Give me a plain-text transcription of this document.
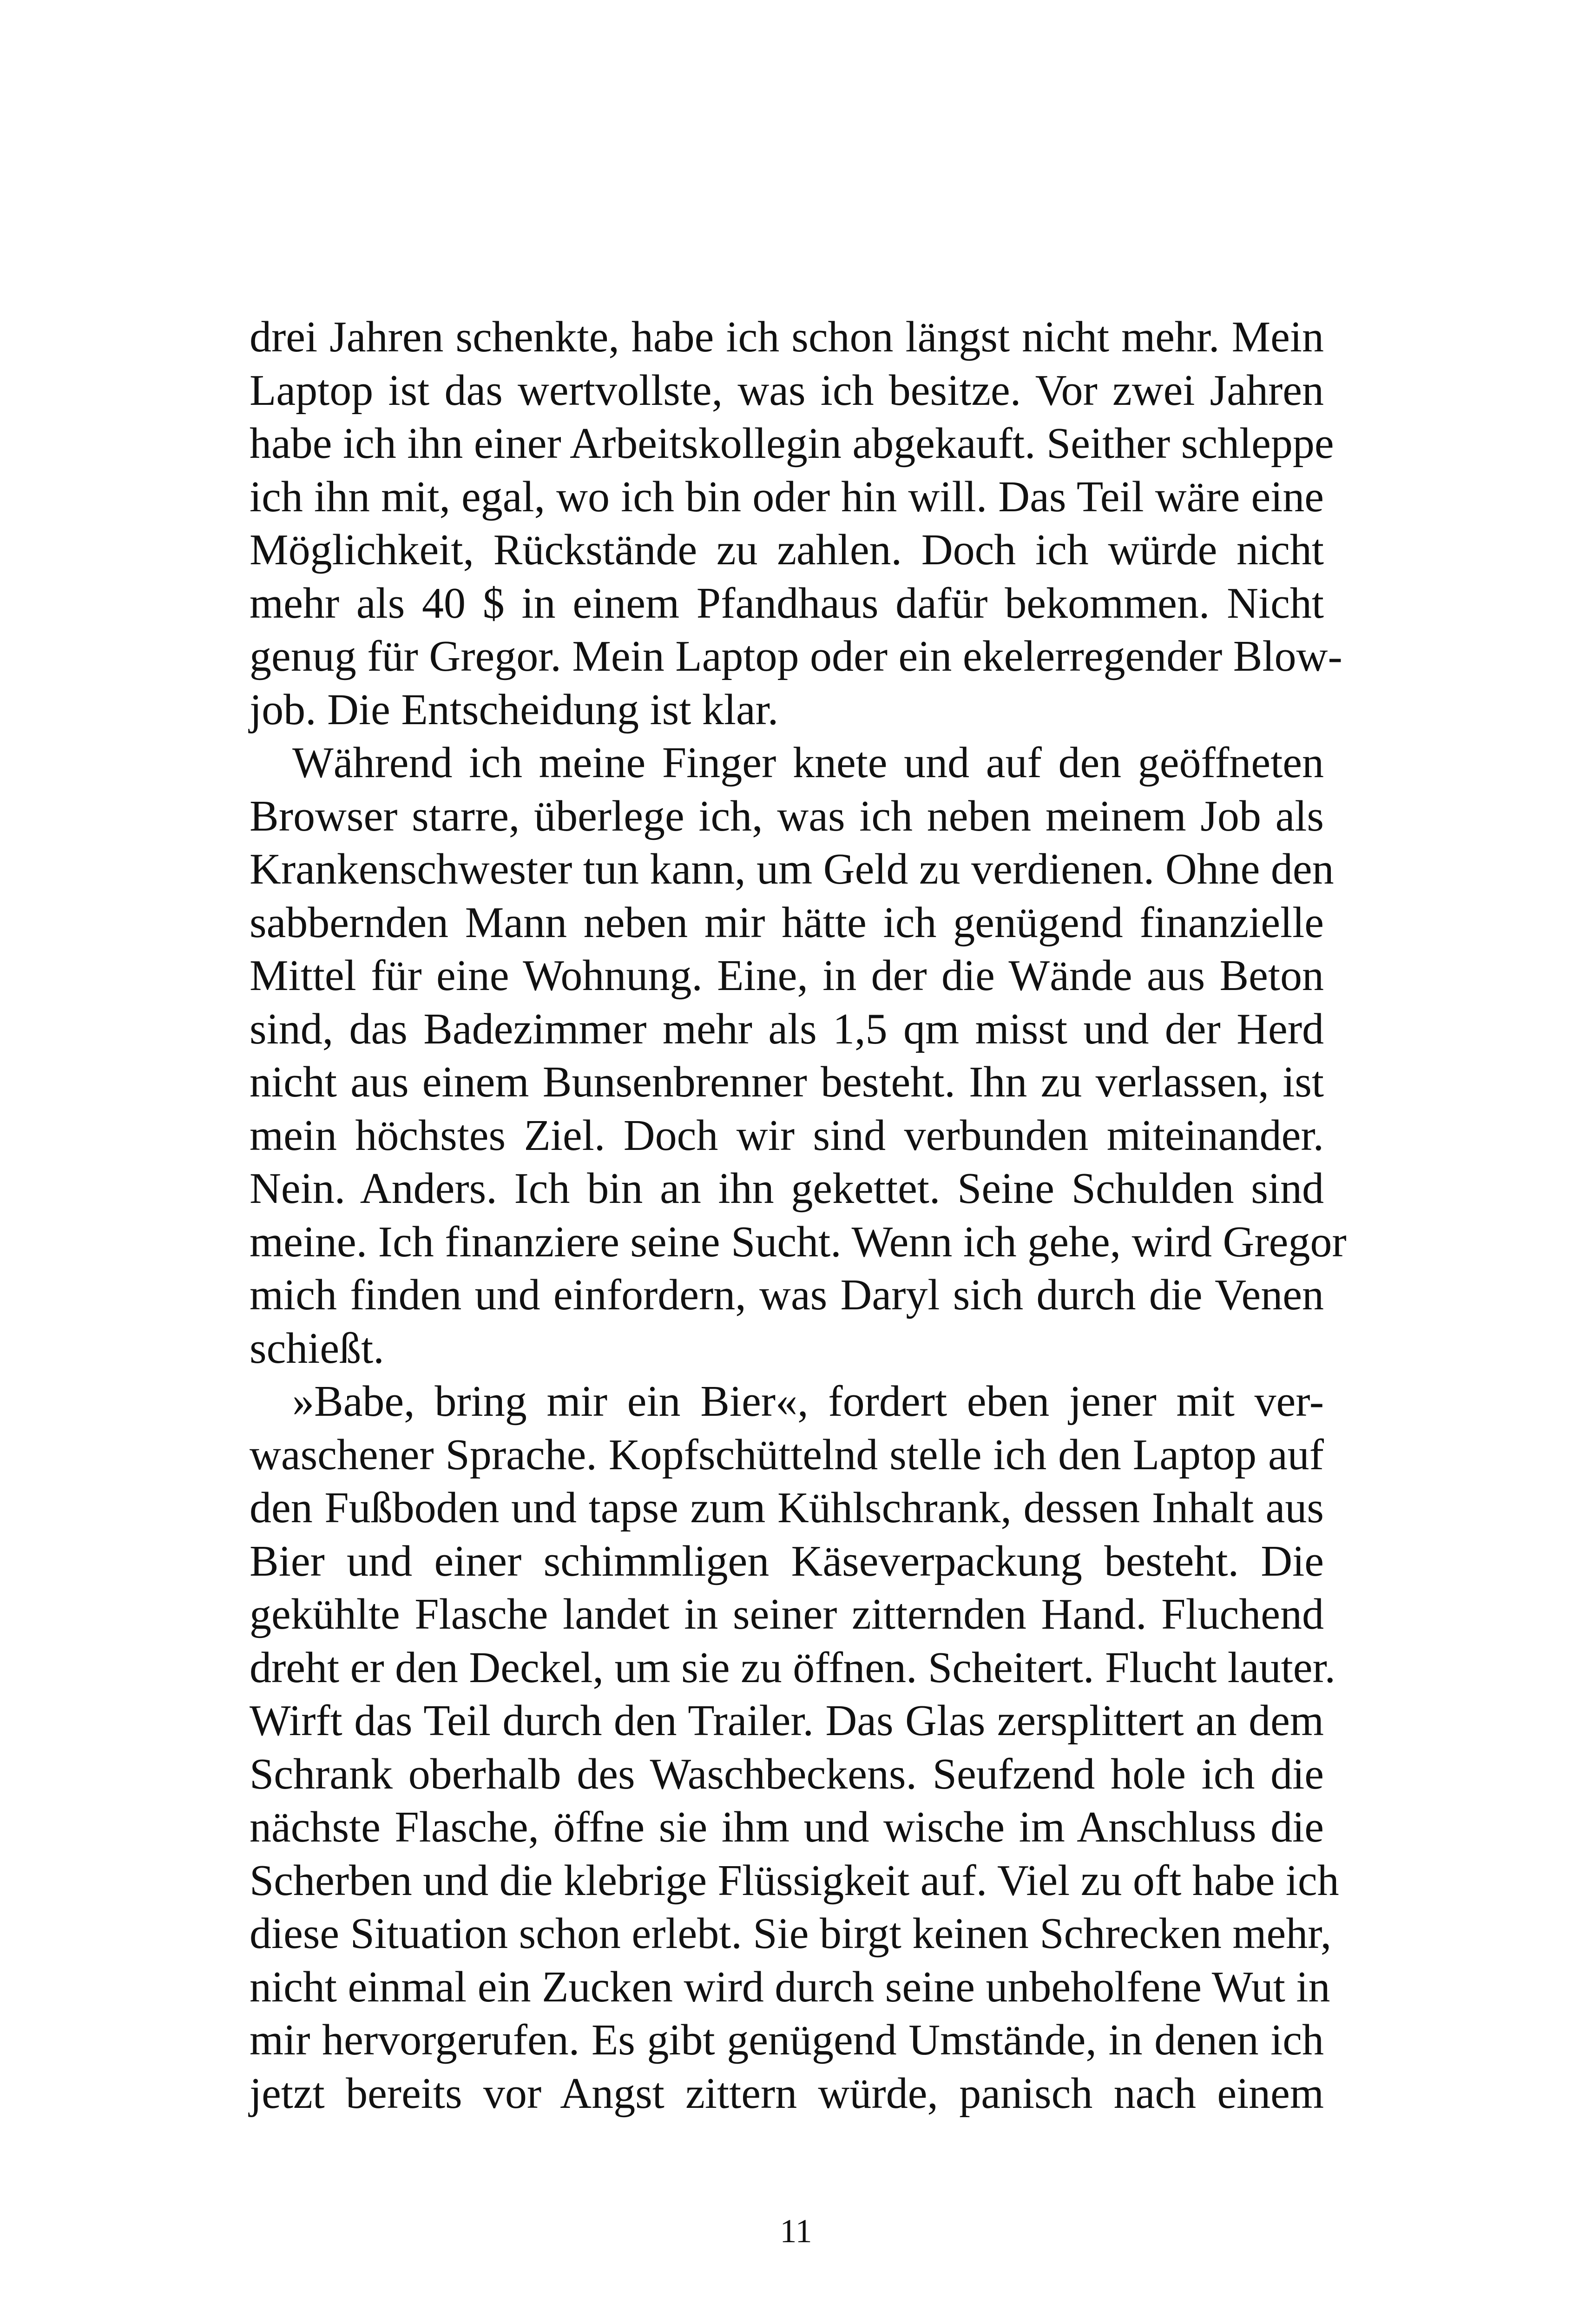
drei Jahren schenkte, habe ich schon längst nicht mehr. Mein
Laptop ist das wertvollste, was ich besitze. Vor zwei Jahren
habe ich ihn einer Arbeitskollegin abgekauft. Seither schleppe
ich ihn mit, egal, wo ich bin oder hin will. Das Teil wäre eine
Möglichkeit, Rückstände zu zahlen. Doch ich würde nicht
mehr als 40 $ in einem Pfandhaus dafür bekommen. Nicht
genug für Gregor. Mein Laptop oder ein ekelerregender Blow-
job. Die Entscheidung ist klar.
Während ich meine Finger knete und auf den geöffneten
Browser starre, überlege ich, was ich neben meinem Job als
Krankenschwester tun kann, um Geld zu verdienen. Ohne den
sabbernden Mann neben mir hätte ich genügend finanzielle
Mittel für eine Wohnung. Eine, in der die Wände aus Beton
sind, das Badezimmer mehr als 1,5 qm misst und der Herd
nicht aus einem Bunsenbrenner besteht. Ihn zu verlassen, ist
mein höchstes Ziel. Doch wir sind verbunden miteinander.
Nein. Anders. Ich bin an ihn gekettet. Seine Schulden sind
meine. Ich finanziere seine Sucht. Wenn ich gehe, wird Gregor
mich finden und einfordern, was Daryl sich durch die Venen
schießt.
»Babe, bring mir ein Bier«, fordert eben jener mit ver-
waschener Sprache. Kopfschüttelnd stelle ich den Laptop auf
den Fußboden und tapse zum Kühlschrank, dessen Inhalt aus
Bier und einer schimmligen Käseverpackung besteht. Die
gekühlte Flasche landet in seiner zitternden Hand. Fluchend
dreht er den Deckel, um sie zu öffnen. Scheitert. Flucht lauter.
Wirft das Teil durch den Trailer. Das Glas zersplittert an dem
Schrank oberhalb des Waschbeckens. Seufzend hole ich die
nächste Flasche, öffne sie ihm und wische im Anschluss die
Scherben und die klebrige Flüssigkeit auf. Viel zu oft habe ich
diese Situation schon erlebt. Sie birgt keinen Schrecken mehr,
nicht einmal ein Zucken wird durch seine unbeholfene Wut in
mir hervorgerufen. Es gibt genügend Umstände, in denen ich
jetzt bereits vor Angst zittern würde, panisch nach einem
11
